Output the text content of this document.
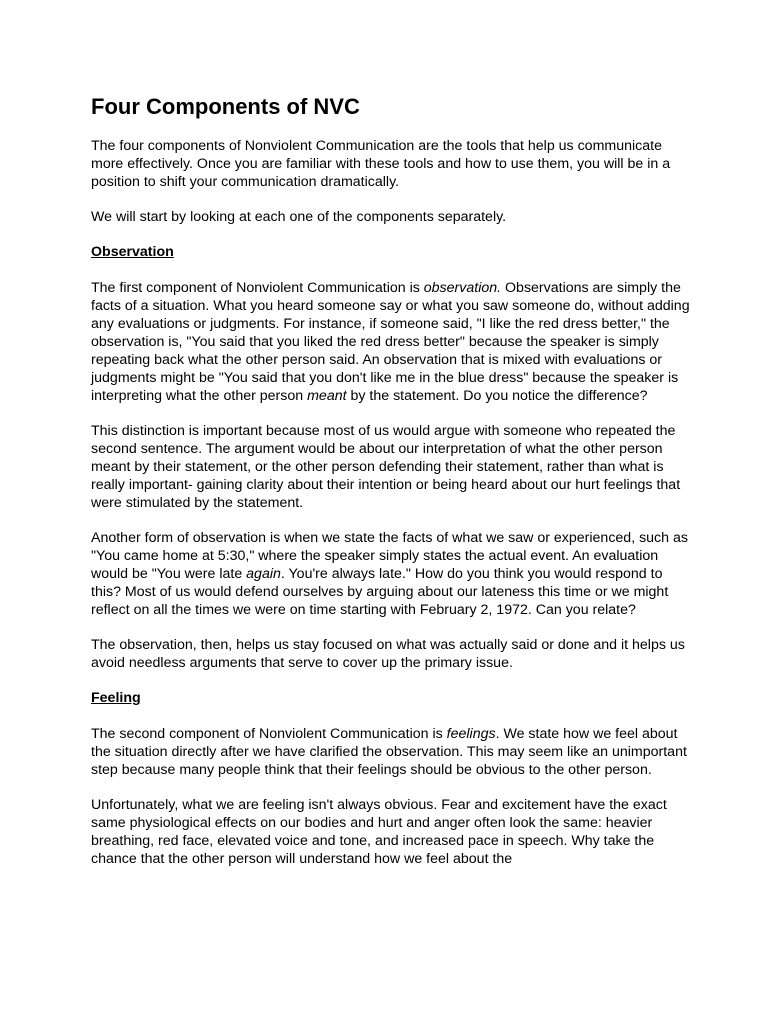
Four Components of NVC

The four components of Nonviolent Communication are the tools that help us communicate more effectively. Once you are familiar with these tools and how to use them, you will be in a position to shift your communication dramatically.

We will start by looking at each one of the components separately.

Observation

The first component of Nonviolent Communication is observation. Observations are simply the facts of a situation. What you heard someone say or what you saw someone do, without adding any evaluations or judgments. For instance, if someone said, "I like the red dress better," the observation is, "You said that you liked the red dress better" because the speaker is simply repeating back what the other person said. An observation that is mixed with evaluations or judgments might be "You said that you don't like me in the blue dress" because the speaker is interpreting what the other person meant by the statement. Do you notice the difference?

This distinction is important because most of us would argue with someone who repeated the second sentence. The argument would be about our interpretation of what the other person meant by their statement, or the other person defending their statement, rather than what is really important- gaining clarity about their intention or being heard about our hurt feelings that were stimulated by the statement.

Another form of observation is when we state the facts of what we saw or experienced, such as "You came home at 5:30," where the speaker simply states the actual event. An evaluation would be "You were late again. You're always late." How do you think you would respond to this? Most of us would defend ourselves by arguing about our lateness this time or we might reflect on all the times we were on time starting with February 2, 1972. Can you relate?

The observation, then, helps us stay focused on what was actually said or done and it helps us avoid needless arguments that serve to cover up the primary issue.

Feeling

The second component of Nonviolent Communication is feelings. We state how we feel about the situation directly after we have clarified the observation. This may seem like an unimportant step because many people think that their feelings should be obvious to the other person.

Unfortunately, what we are feeling isn't always obvious. Fear and excitement have the exact same physiological effects on our bodies and hurt and anger often look the same: heavier breathing, red face, elevated voice and tone, and increased pace in speech. Why take the chance that the other person will understand how we feel about the
